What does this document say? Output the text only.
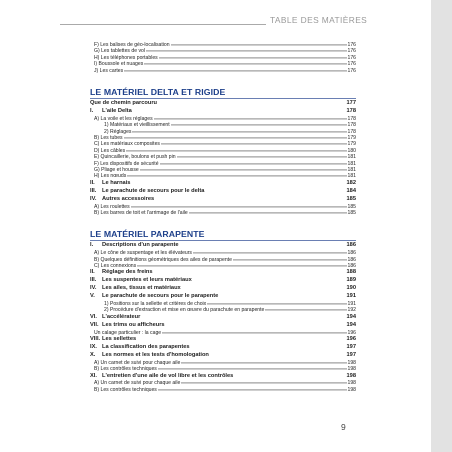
TABLE DES MATIÈRES
F) Les balises de géo-localisation	176
G) Les tablettes de vol	176
H) Les téléphones portables	176
I) Boussole et nuages	176
J) Les cartes	176
LE MATÉRIEL DELTA ET RIGIDE
Que de chemin parcouru	177
I. L'aile Delta	178
A) La voile et les réglages	178
1) Matériaux et vieillissement	178
2) Réglages	178
B) Les tubes	179
C) Les matériaux composites	179
D) Les câbles	180
E) Quincaillerie, boulons et push pin	181
F) Les dispositifs de sécurité	181
G) Pliage et housse	181
H) Les nœuds	181
II. Le harnais	182
III. Le parachute de secours pour le delta	184
IV. Autres accessoires	185
A) Les roulettes	185
B) Les barres de toit et l'arrimage de l'aile	185
LE MATÉRIEL PARAPENTE
I. Descriptions d'un parapente	186
A) Le cône de suspentage et les élévateurs	186
B) Quelques définitions géométriques des ailes de parapente	186
C) Les connexions	186
II. Réglage des freins	188
III. Les suspentes et leurs matériaux	189
IV. Les ailes, tissus et matériaux	190
V. Le parachute de secours pour le parapente	191
1) Positions sur la sellette et critères de choix	191
2) Procédure d'extraction et mise en œuvre du parachute en parapente	192
VI. L'accélérateur	194
VII. Les trims ou afficheurs	194
Un calage particulier : la cage	196
VIII. Les sellettes	196
IX. La classification des parapentes	197
X. Les normes et les tests d'homologation	197
A) Un carnet de suivi pour chaque aile	198
B) Les contrôles techniques	198
XI. L'entretien d'une aile de vol libre et les contrôles	198
A) Un carnet de suivi pour chaque aile	198
B) Les contrôles techniques	198
9
